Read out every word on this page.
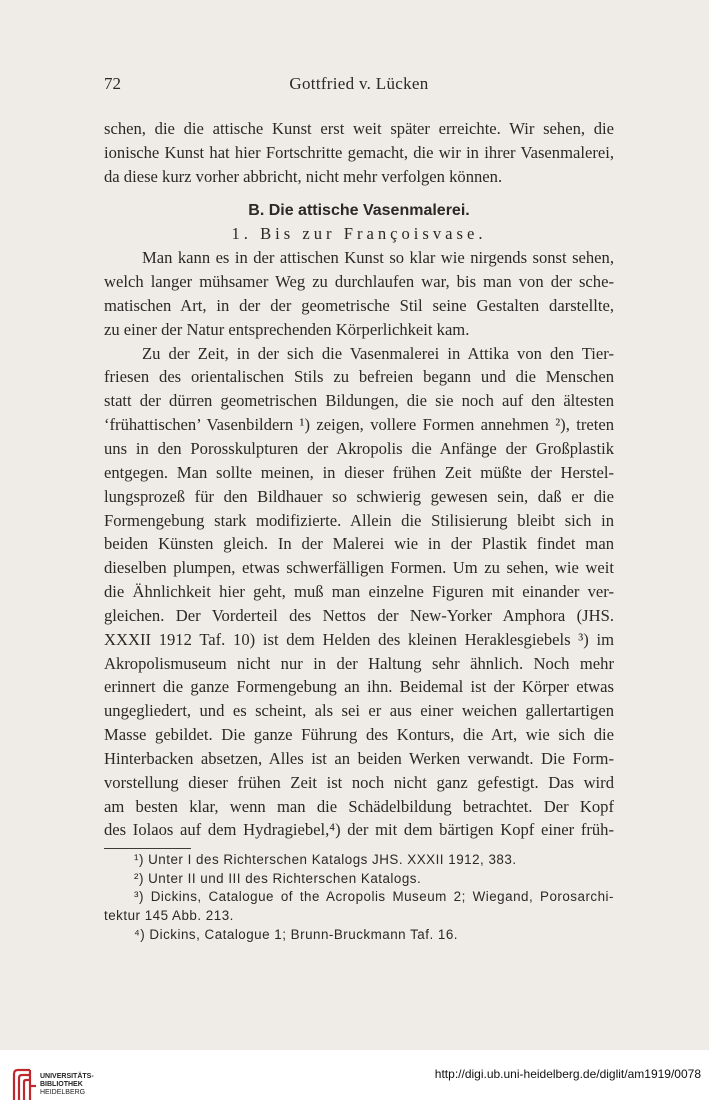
72	Gottfried v. Lücken
schen, die die attische Kunst erst weit später erreichte. Wir sehen, die
ionische Kunst hat hier Fortschritte gemacht, die wir in ihrer Vasenmalerei,
da diese kurz vorher abbricht, nicht mehr verfolgen können.
B. Die attische Vasenmalerei.
1. Bis zur Françoisvase.
Man kann es in der attischen Kunst so klar wie nirgends sonst sehen,
welch langer mühsamer Weg zu durchlaufen war, bis man von der sche-
matischen Art, in der der geometrische Stil seine Gestalten darstellte,
zu einer der Natur entsprechenden Körperlichkeit kam.
Zu der Zeit, in der sich die Vasenmalerei in Attika von den Tier-
friesen des orientalischen Stils zu befreien begann und die Menschen
statt der dürren geometrischen Bildungen, die sie noch auf den ältesten
‘frühattischen’ Vasenbildern ¹) zeigen, vollere Formen annehmen ²), treten
uns in den Porosskulpturen der Akropolis die Anfänge der Großplastik
entgegen. Man sollte meinen, in dieser frühen Zeit müßte der Herstel-
lungsprozeß für den Bildhauer so schwierig gewesen sein, daß er die
Formengebung stark modifizierte. Allein die Stilisierung bleibt sich in
beiden Künsten gleich. In der Malerei wie in der Plastik findet man
dieselben plumpen, etwas schwerfälligen Formen. Um zu sehen, wie weit
die Ähnlichkeit hier geht, muß man einzelne Figuren mit einander ver-
gleichen. Der Vorderteil des Nettos der New-Yorker Amphora (JHS.
XXXII 1912 Taf. 10) ist dem Helden des kleinen Heraklesgiebels ³) im
Akropolismuseum nicht nur in der Haltung sehr ähnlich. Noch mehr
erinnert die ganze Formengebung an ihn. Beidemal ist der Körper etwas
ungegliedert, und es scheint, als sei er aus einer weichen gallertartigen
Masse gebildet. Die ganze Führung des Konturs, die Art, wie sich die
Hinterbacken absetzen, Alles ist an beiden Werken verwandt. Die Form-
vorstellung dieser frühen Zeit ist noch nicht ganz gefestigt. Das wird
am besten klar, wenn man die Schädelbildung betrachtet. Der Kopf
des Iolaos auf dem Hydragiebel,⁴) der mit dem bärtigen Kopf einer früh-
¹) Unter I des Richterschen Katalogs JHS. XXXII 1912, 383.
²) Unter II und III des Richterschen Katalogs.
³) Dickins, Catalogue of the Acropolis Museum 2; Wiegand, Porosarchi-
tektur 145 Abb. 213.
⁴) Dickins, Catalogue 1; Brunn-Bruckmann Taf. 16.
UNIVERSITÄTS-
BIBLIOTHEK
HEIDELBERG
http://digi.ub.uni-heidelberg.de/diglit/am1919/0078
